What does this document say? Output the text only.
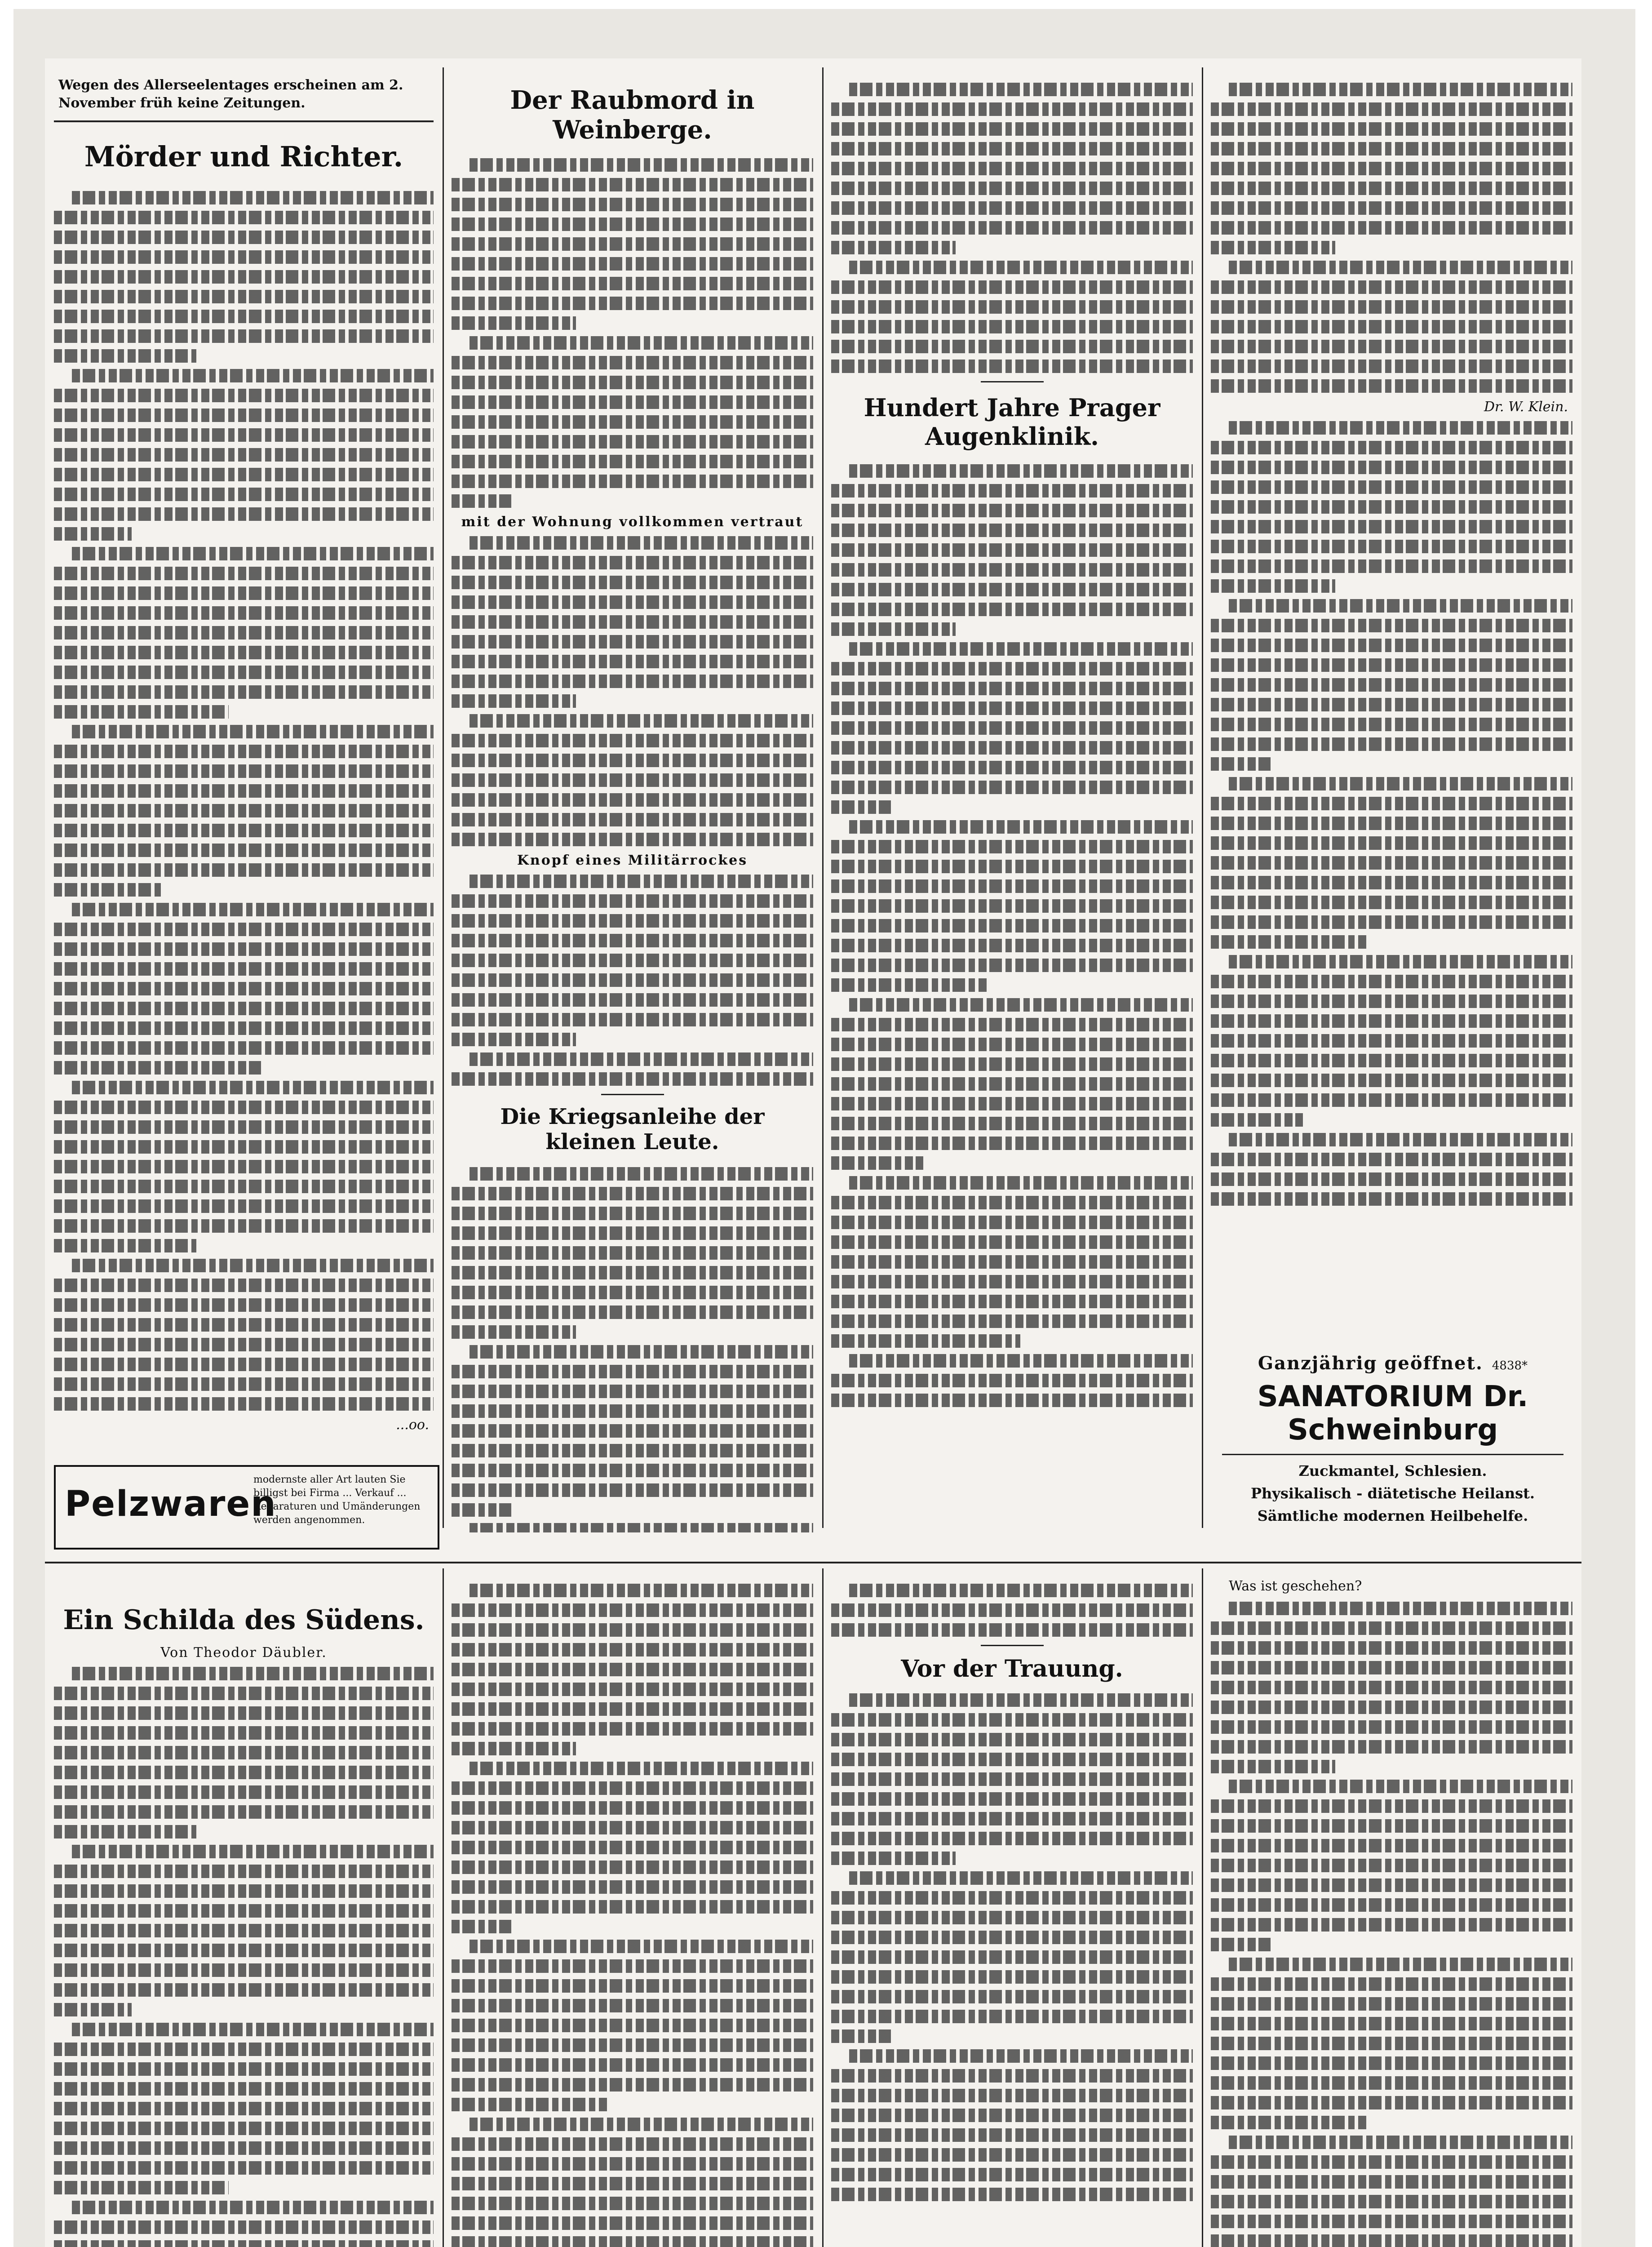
Wegen des Allerseelentages erscheinen am 2. November früh keine Zeitungen.
Mörder und Richter.
...oo.
Der Raubmord in Weinberge.
mit der Wohnung vollkommen vertraut
Knopf eines Militärrockes
Die Kriegsanleihe der kleinen Leute.
Hundert Jahre Prager Augenklinik.
Dr. W. Klein.
Pelzwaren
modernste aller Art lauten Sie billigst bei Firma ... Verkauf ... Reparaturen und Umänderungen werden angenommen.
Ganzjährig geöffnet. 4838*
SANATORIUM Dr. Schweinburg
Zuckmantel, Schlesien.
Physikalisch - diätetische Heilanst.
Sämtliche modernen Heilbehelfe.
Ein Schilda des Südens.
Von Theodor Däubler.
Vor der Trauung.
Was ist geschehen?
